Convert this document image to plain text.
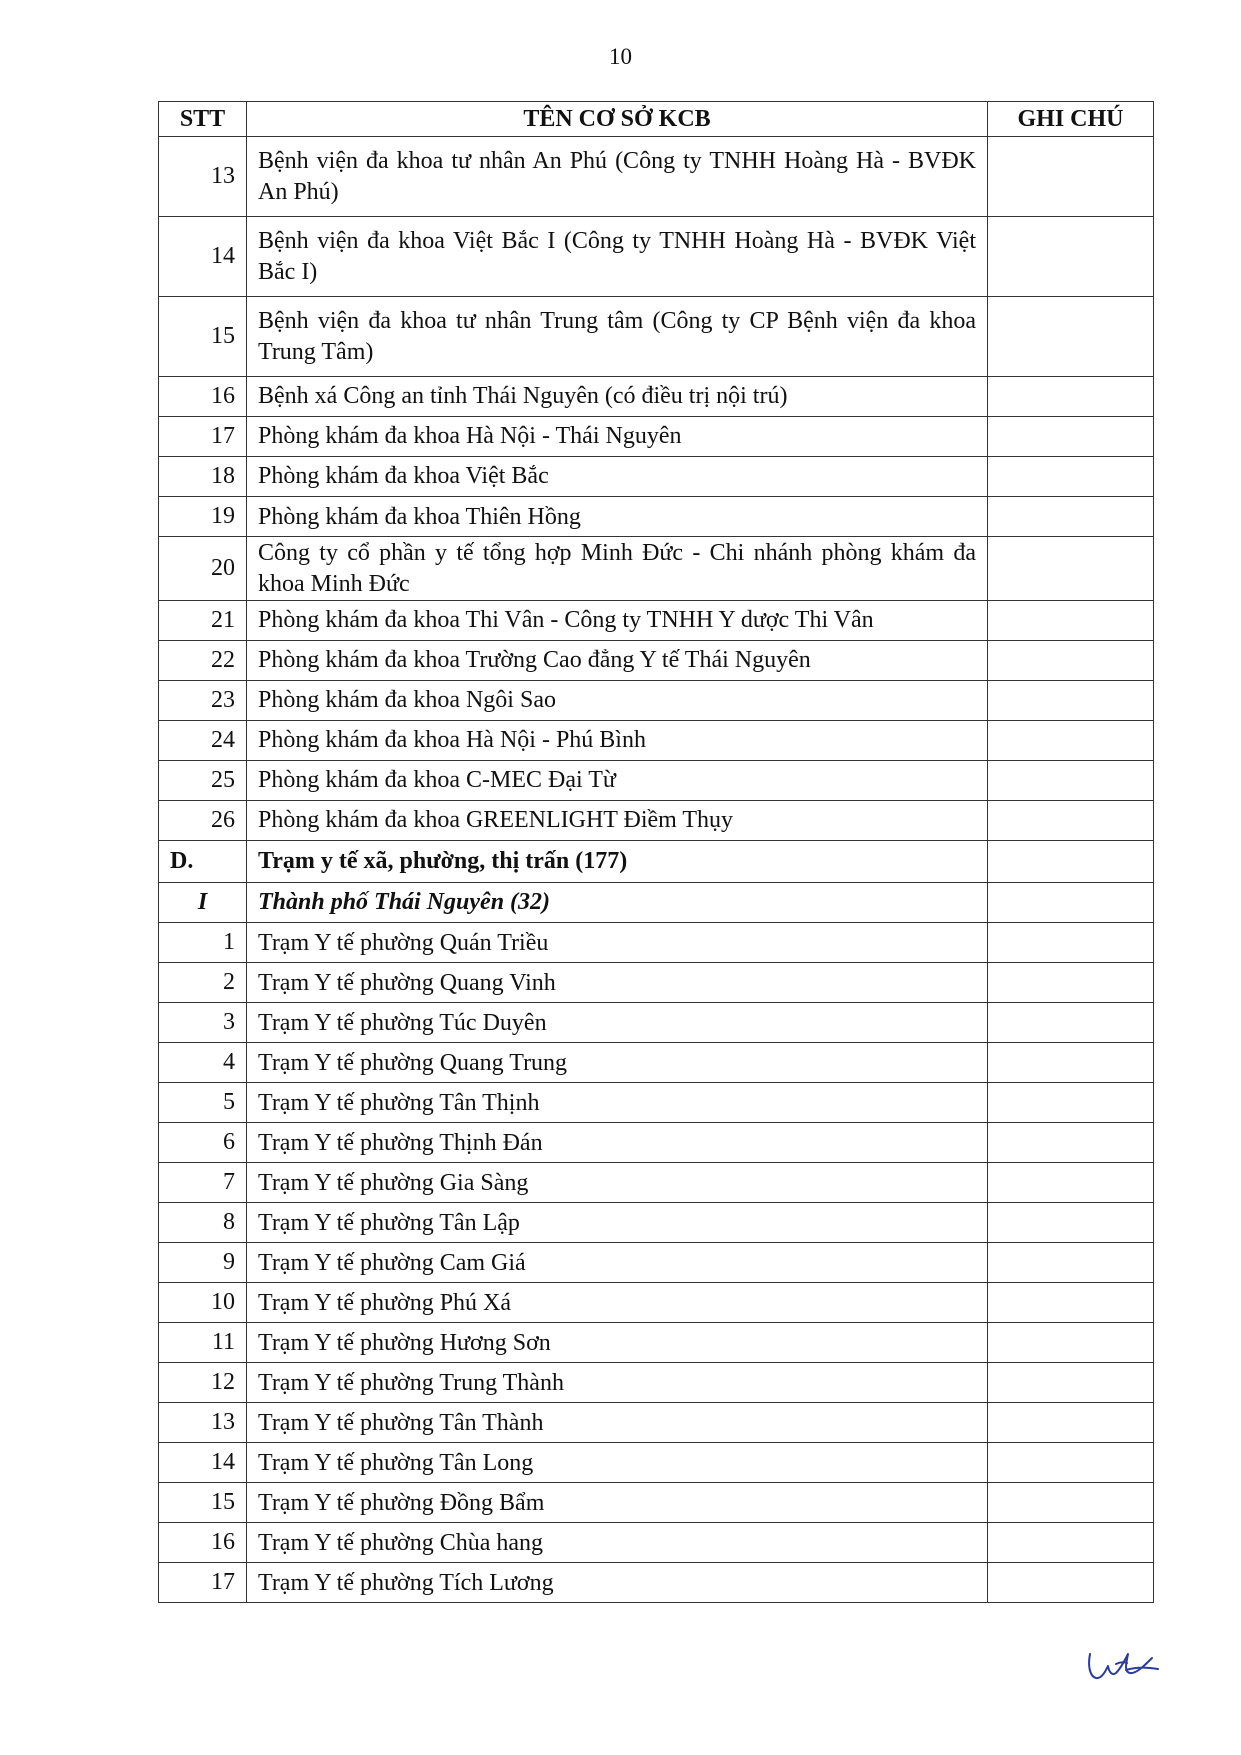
10
STT	TÊN CƠ SỞ KCB	GHI CHÚ
13	Bệnh viện đa khoa tư nhân An Phú (Công ty TNHH Hoàng Hà - BVĐK An Phú)	
14	Bệnh viện đa khoa Việt Bắc I (Công ty TNHH Hoàng Hà - BVĐK Việt Bắc I)	
15	Bệnh viện đa khoa tư nhân Trung tâm (Công ty CP Bệnh viện đa khoa Trung Tâm)	
16	Bệnh xá Công an tỉnh Thái Nguyên (có điều trị nội trú)	
17	Phòng khám đa khoa Hà Nội - Thái Nguyên	
18	Phòng khám đa khoa Việt Bắc	
19	Phòng khám đa khoa Thiên Hồng	
20	Công ty cổ phần y tế tổng hợp Minh Đức - Chi nhánh phòng khám đa khoa Minh Đức	
21	Phòng khám đa khoa Thi Vân - Công ty TNHH Y dược Thi Vân	
22	Phòng khám đa khoa Trường Cao đẳng Y tế Thái Nguyên	
23	Phòng khám đa khoa Ngôi Sao	
24	Phòng khám đa khoa Hà Nội - Phú Bình	
25	Phòng khám đa khoa C-MEC Đại Từ	
26	Phòng khám đa khoa GREENLIGHT Điềm Thụy	
D.	Trạm y tế xã, phường, thị trấn (177)	
I	Thành phố Thái Nguyên (32)	
1	Trạm Y tế phường Quán Triều	
2	Trạm Y tế phường Quang Vinh	
3	Trạm Y tế phường Túc Duyên	
4	Trạm Y tế phường Quang Trung	
5	Trạm Y tế phường Tân Thịnh	
6	Trạm Y tế phường Thịnh Đán	
7	Trạm Y tế phường Gia Sàng	
8	Trạm Y tế phường Tân Lập	
9	Trạm Y tế phường Cam Giá	
10	Trạm Y tế phường Phú Xá	
11	Trạm Y tế phường Hương Sơn	
12	Trạm Y tế phường Trung Thành	
13	Trạm Y tế phường Tân Thành	
14	Trạm Y tế phường Tân Long	
15	Trạm Y tế phường Đồng Bẩm	
16	Trạm Y tế phường Chùa hang	
17	Trạm Y tế phường Tích Lương	
